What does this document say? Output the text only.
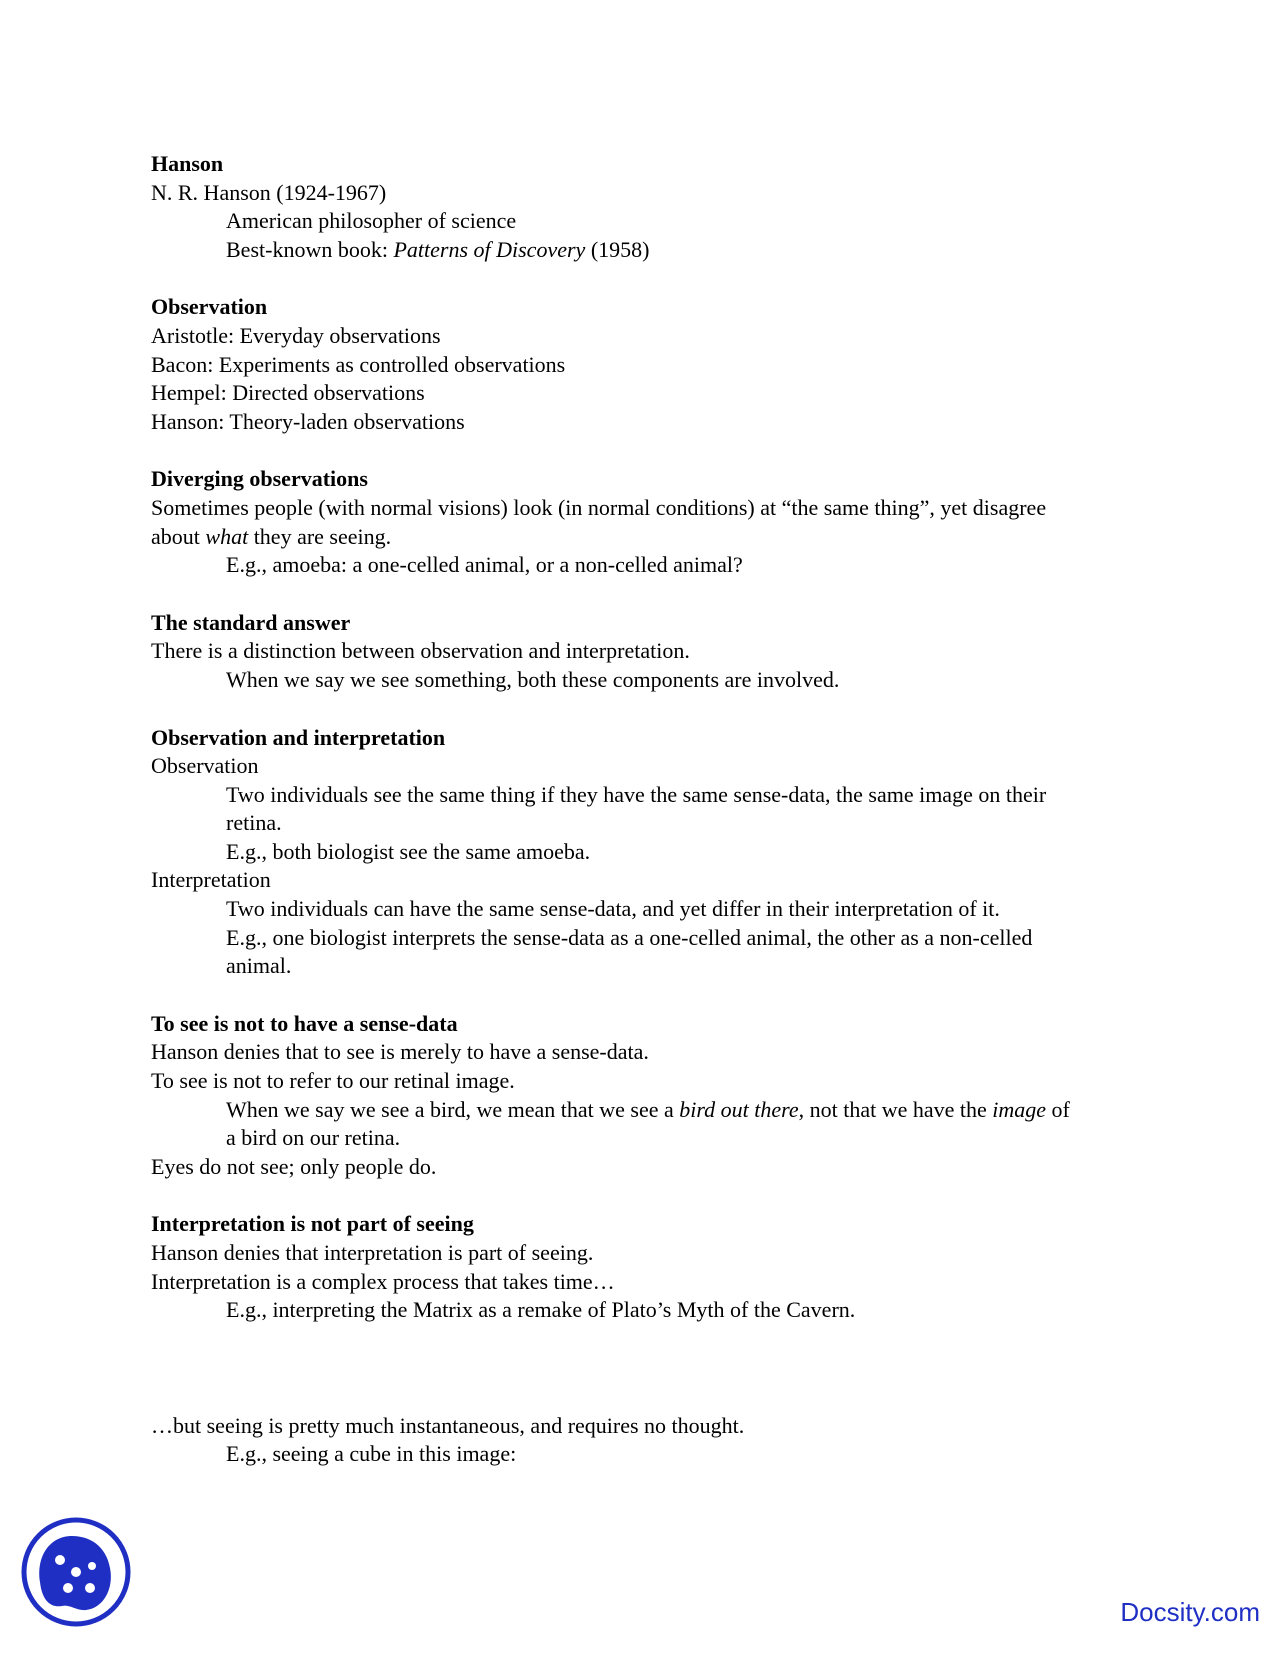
Hanson
N. R. Hanson (1924-1967)
American philosopher of science
Best-known book: Patterns of Discovery (1958)
Observation
Aristotle: Everyday observations
Bacon: Experiments as controlled observations
Hempel: Directed observations
Hanson: Theory-laden observations
Diverging observations
Sometimes people (with normal visions) look (in normal conditions) at “the same thing”, yet disagree about what they are seeing.
E.g., amoeba: a one-celled animal, or a non-celled animal?
The standard answer
There is a distinction between observation and interpretation.
When we say we see something, both these components are involved.
Observation and interpretation
Observation
Two individuals see the same thing if they have the same sense-data, the same image on their retina.
E.g., both biologist see the same amoeba.
Interpretation
Two individuals can have the same sense-data, and yet differ in their interpretation of it.
E.g., one biologist interprets the sense-data as a one-celled animal, the other as a non-celled animal.
To see is not to have a sense-data
Hanson denies that to see is merely to have a sense-data.
To see is not to refer to our retinal image.
When we say we see a bird, we mean that we see a bird out there, not that we have the image of a bird on our retina.
Eyes do not see; only people do.
Interpretation is not part of seeing
Hanson denies that interpretation is part of seeing.
Interpretation is a complex process that takes time…
E.g., interpreting the Matrix as a remake of Plato’s Myth of the Cavern.
…but seeing is pretty much instantaneous, and requires no thought.
E.g., seeing a cube in this image:
Docsity.com
